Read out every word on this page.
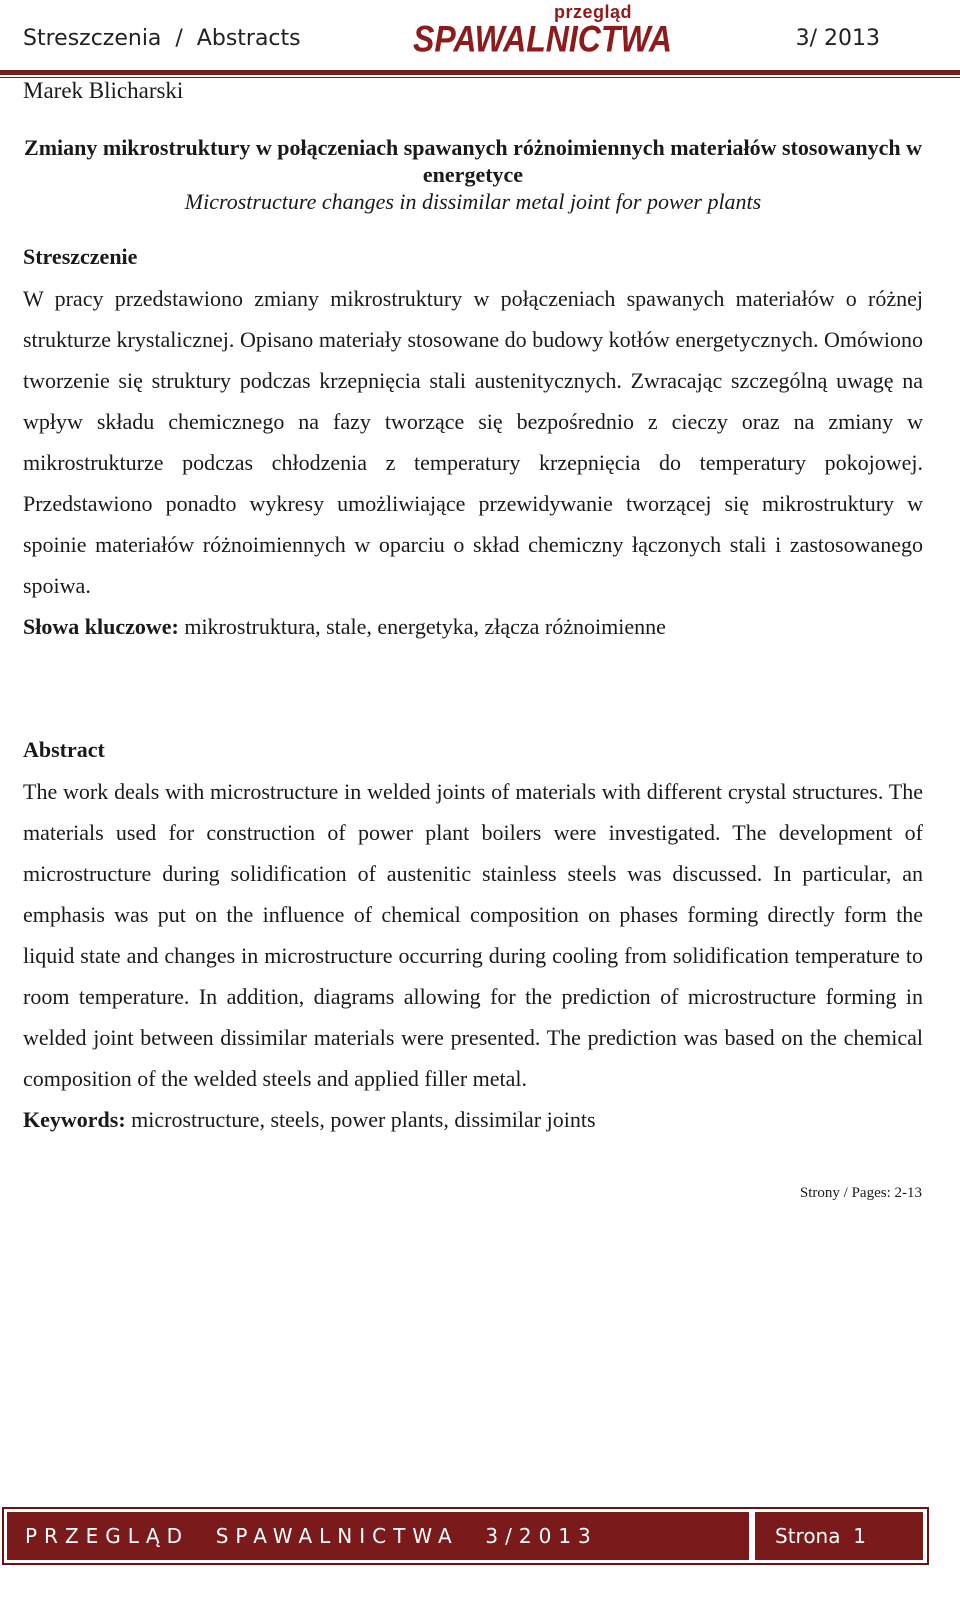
Streszczenia  /  Abstracts
przegląd
SPAWALNICTWA	3/ 2013
Marek Blicharski

Zmiany mikrostruktury w połączeniach spawanych różnoimiennych materiałów stosowanych w energetyce

Microstructure changes in dissimilar metal joint for power plants

Streszczenie

W pracy przedstawiono zmiany mikrostruktury w połączeniach spawanych materiałów o różnej strukturze krystalicznej. Opisano materiały stosowane do budowy kotłów energetycznych. Omówiono tworzenie się struktury podczas krzepnięcia stali austenitycznych. Zwracając szczególną uwagę na wpływ składu chemicznego na fazy tworzące się bezpośrednio z cieczy oraz na zmiany w mikrostrukturze podczas chłodzenia z temperatury krzepnięcia do temperatury pokojowej. Przedstawiono ponadto wykresy umożliwiające przewidywanie tworzącej się mikrostruktury w spoinie materiałów różnoimiennych w oparciu o skład chemiczny łączonych stali i zastosowanego spoiwa.

Słowa kluczowe: mikrostruktura, stale, energetyka, złącza różnoimienne

Abstract

The work deals with microstructure in welded joints of materials with different crystal structures. The materials used for construction of power plant boilers were investigated. The development of microstructure during solidification of austenitic stainless steels was discussed. In particular, an emphasis was put on the influence of chemical composition on phases forming directly form the liquid state and changes in microstructure occurring during cooling from solidification temperature to room temperature. In addition, diagrams allowing for the prediction of microstructure forming in welded joint between dissimilar materials were presented. The prediction was based on the chemical composition of the welded steels and applied filler metal.

Keywords: microstructure, steels, power plants, dissimilar joints

Strony / Pages: 2-13
PRZEGLĄD  SPAWALNICTWA  3/2013	Strona  1
